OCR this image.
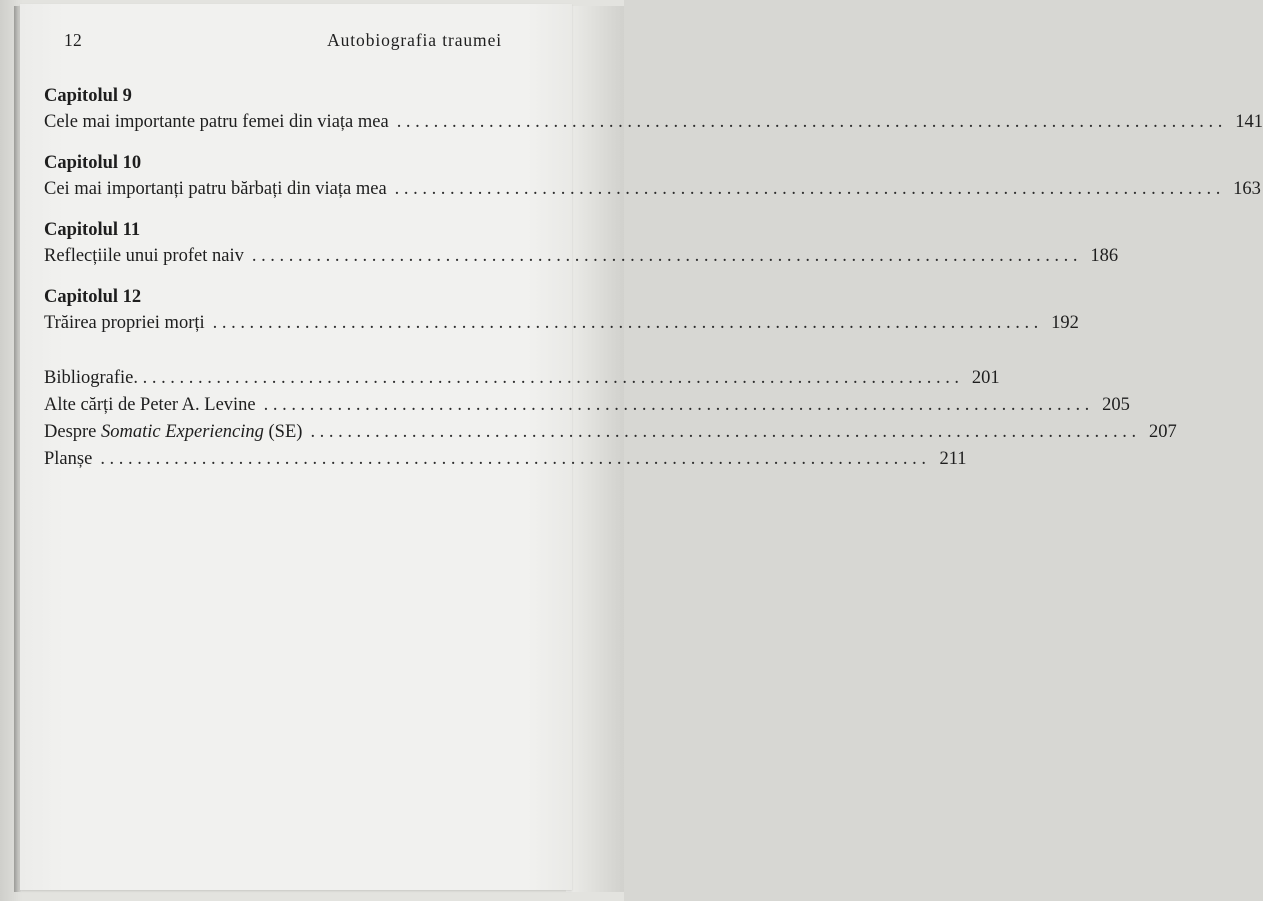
12	Autobiografia traumei
Capitolul 9
Cele mai importante patru femei din viața mea .......................................................................................... 141
Capitolul 10
Cei mai importanți patru bărbați din viața mea .......................................................................................... 163
Capitolul 11
Reflecțiile unui profet naiv .......................................................................................... 186
Capitolul 12
Trăirea propriei morți .......................................................................................... 192
Bibliografie .......................................................................................... 201
Alte cărți de Peter A. Levine .......................................................................................... 205
Despre Somatic Experiencing (SE) .......................................................................................... 207
Planșe .......................................................................................... 211
